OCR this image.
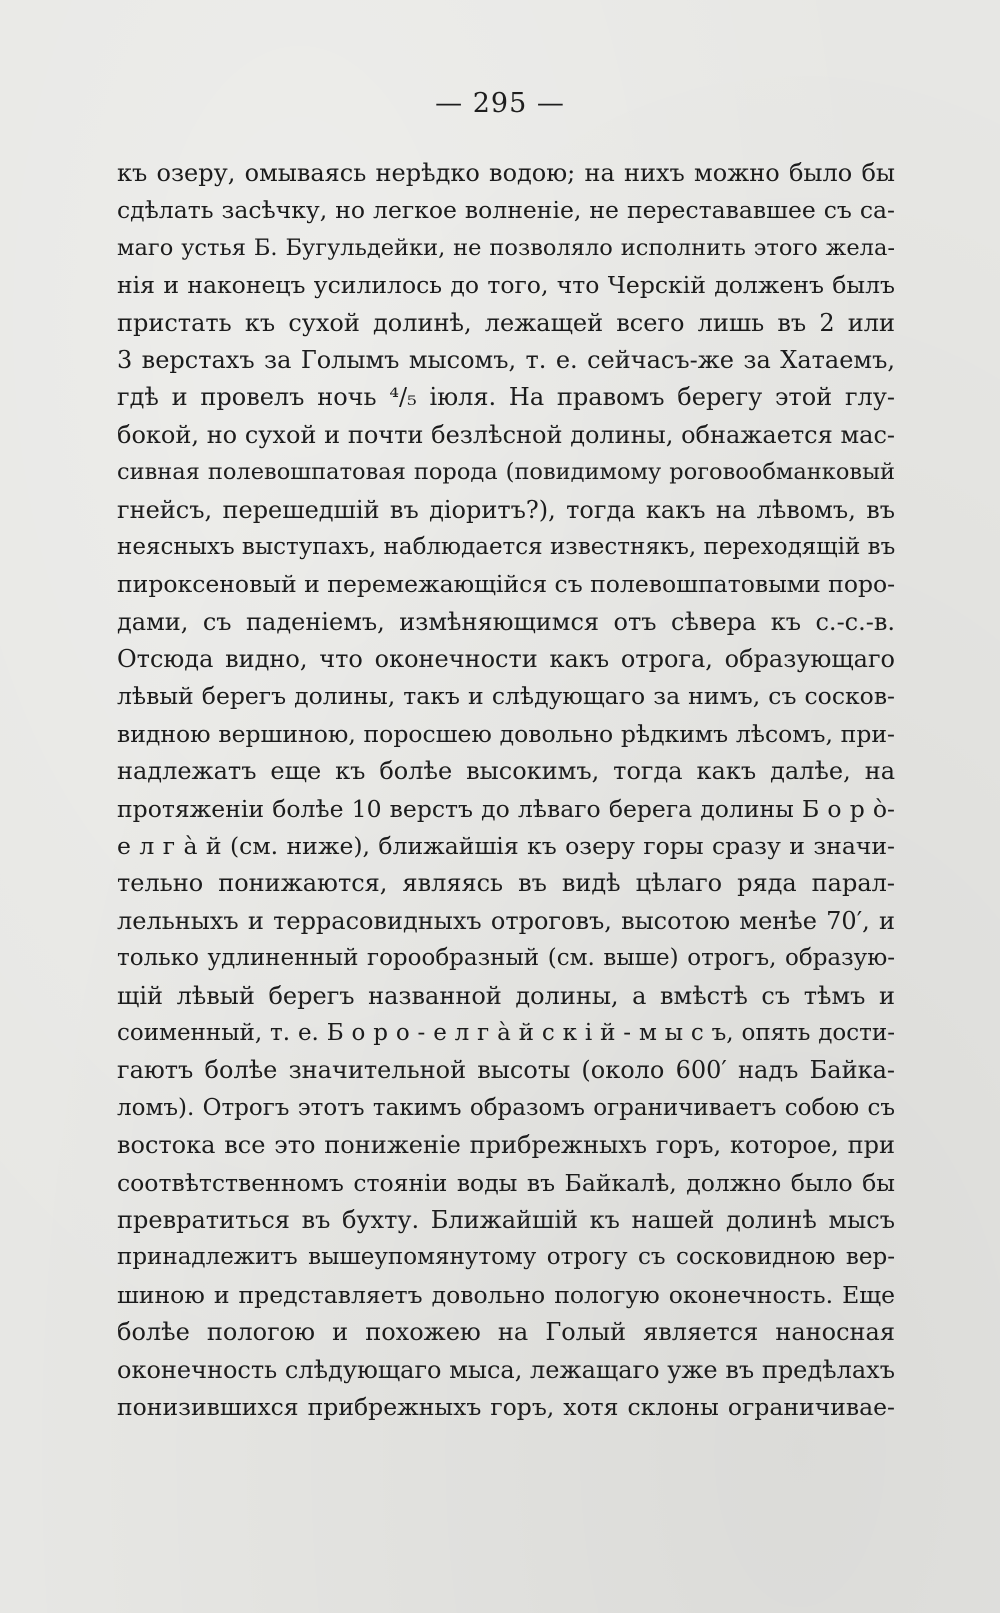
— 295 —
къ озеру, омываясь нерѣдко водою; на нихъ можно было бы
сдѣлать засѣчку, но легкое волненіе, не перестававшее съ са-
маго устья Б. Бугульдейки, не позволяло исполнить этого жела-
нія и наконецъ усилилось до того, что Черскій долженъ былъ
пристать къ сухой долинѣ, лежащей всего лишь въ 2 или
3 верстахъ за Голымъ мысомъ, т. е. сейчасъ-же за Хатаемъ,
гдѣ и провелъ ночь ⁴/₅ іюля. На правомъ берегу этой глу-
бокой, но сухой и почти безлѣсной долины, обнажается мас-
сивная полевошпатовая порода (повидимому роговообманковый
гнейсъ, перешедшій въ діоритъ?), тогда какъ на лѣвомъ, въ
неясныхъ выступахъ, наблюдается известнякъ, переходящій въ
пироксеновый и перемежающійся съ полевошпатовыми поро-
дами, съ паденіемъ, измѣняющимся отъ сѣвера къ с.-с.-в.
Отсюда видно, что оконечности какъ отрога, образующаго
лѣвый берегъ долины, такъ и слѣдующаго за нимъ, съ сосков-
видною вершиною, поросшею довольно рѣдкимъ лѣсомъ, при-
надлежатъ еще къ болѣе высокимъ, тогда какъ далѣе, на
протяженіи болѣе 10 верстъ до лѣваго берега долины Б о р о̀-
е л г а̀ й (см. ниже), ближайшія къ озеру горы сразу и значи-
тельно понижаются, являясь въ видѣ цѣлаго ряда парал-
лельныхъ и террасовидныхъ отроговъ, высотою менѣе 70′, и
только удлиненный горообразный (см. выше) отрогъ, образую-
щій лѣвый берегъ названной долины, а вмѣстѣ съ тѣмъ и
соименный, т. е. Б о р о - е л г а̀ й с к і й - м ы с ъ, опять дости-
гаютъ болѣе значительной высоты (около 600′ надъ Байка-
ломъ). Отрогъ этотъ такимъ образомъ ограничиваетъ собою съ
востока все это пониженіе прибрежныхъ горъ, которое, при
соотвѣтственномъ стояніи воды въ Байкалѣ, должно было бы
превратиться въ бухту. Ближайшій къ нашей долинѣ мысъ
принадлежитъ вышеупомянутому отрогу съ сосковидною вер-
шиною и представляетъ довольно пологую оконечность. Еще
болѣе пологою и похожею на Голый является наносная
оконечность слѣдующаго мыса, лежащаго уже въ предѣлахъ
понизившихся прибрежныхъ горъ, хотя склоны ограничивае-
